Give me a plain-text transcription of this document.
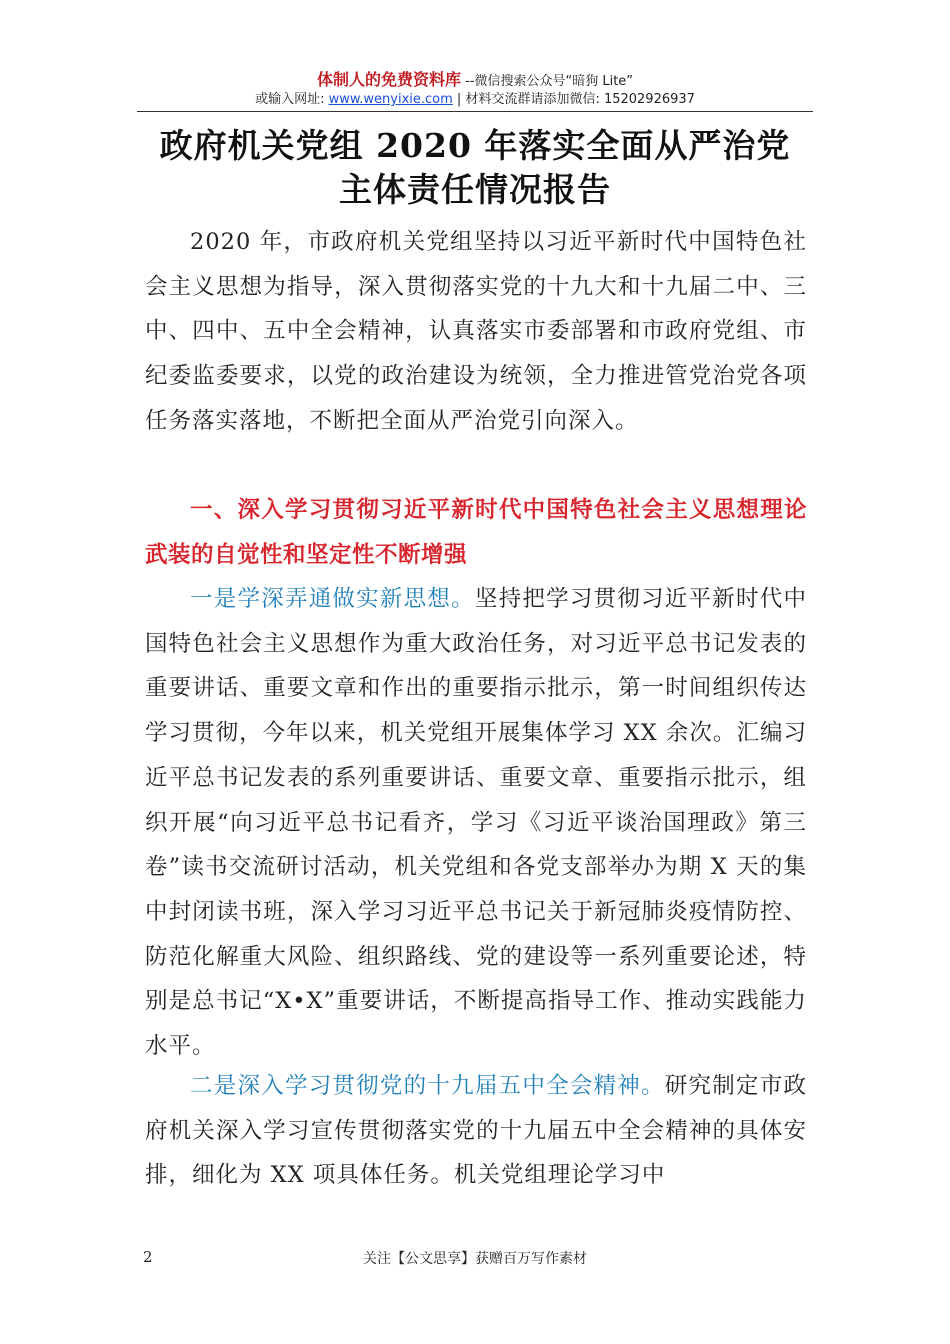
体制人的免费资料库 --微信搜索公众号“暗狗 Lite”
或输入网址: www.wenyixie.com | 材料交流群请添加微信: 15202926937
政府机关党组 2020 年落实全面从严治党
主体责任情况报告
2020 年，市政府机关党组坚持以习近平新时代中国特色社会主义思想为指导，深入贯彻落实党的十九大和十九届二中、三中、四中、五中全会精神，认真落实市委部署和市政府党组、市纪委监委要求，以党的政治建设为统领，全力推进管党治党各项任务落实落地，不断把全面从严治党引向深入。
一、深入学习贯彻习近平新时代中国特色社会主义思想理论武装的自觉性和坚定性不断增强
一是学深弄通做实新思想。坚持把学习贯彻习近平新时代中国特色社会主义思想作为重大政治任务，对习近平总书记发表的重要讲话、重要文章和作出的重要指示批示，第一时间组织传达学习贯彻，今年以来，机关党组开展集体学习 XX 余次。汇编习近平总书记发表的系列重要讲话、重要文章、重要指示批示，组织开展“向习近平总书记看齐，学习《习近平谈治国理政》第三卷”读书交流研讨活动，机关党组和各党支部举办为期 X 天的集中封闭读书班，深入学习习近平总书记关于新冠肺炎疫情防控、防范化解重大风险、组织路线、党的建设等一系列重要论述，特别是总书记“X•X”重要讲话，不断提高指导工作、推动实践能力水平。
二是深入学习贯彻党的十九届五中全会精神。研究制定市政府机关深入学习宣传贯彻落实党的十九届五中全会精神的具体安排，细化为 XX 项具体任务。机关党组理论学习中
2	关注【公文思享】获赠百万写作素材
